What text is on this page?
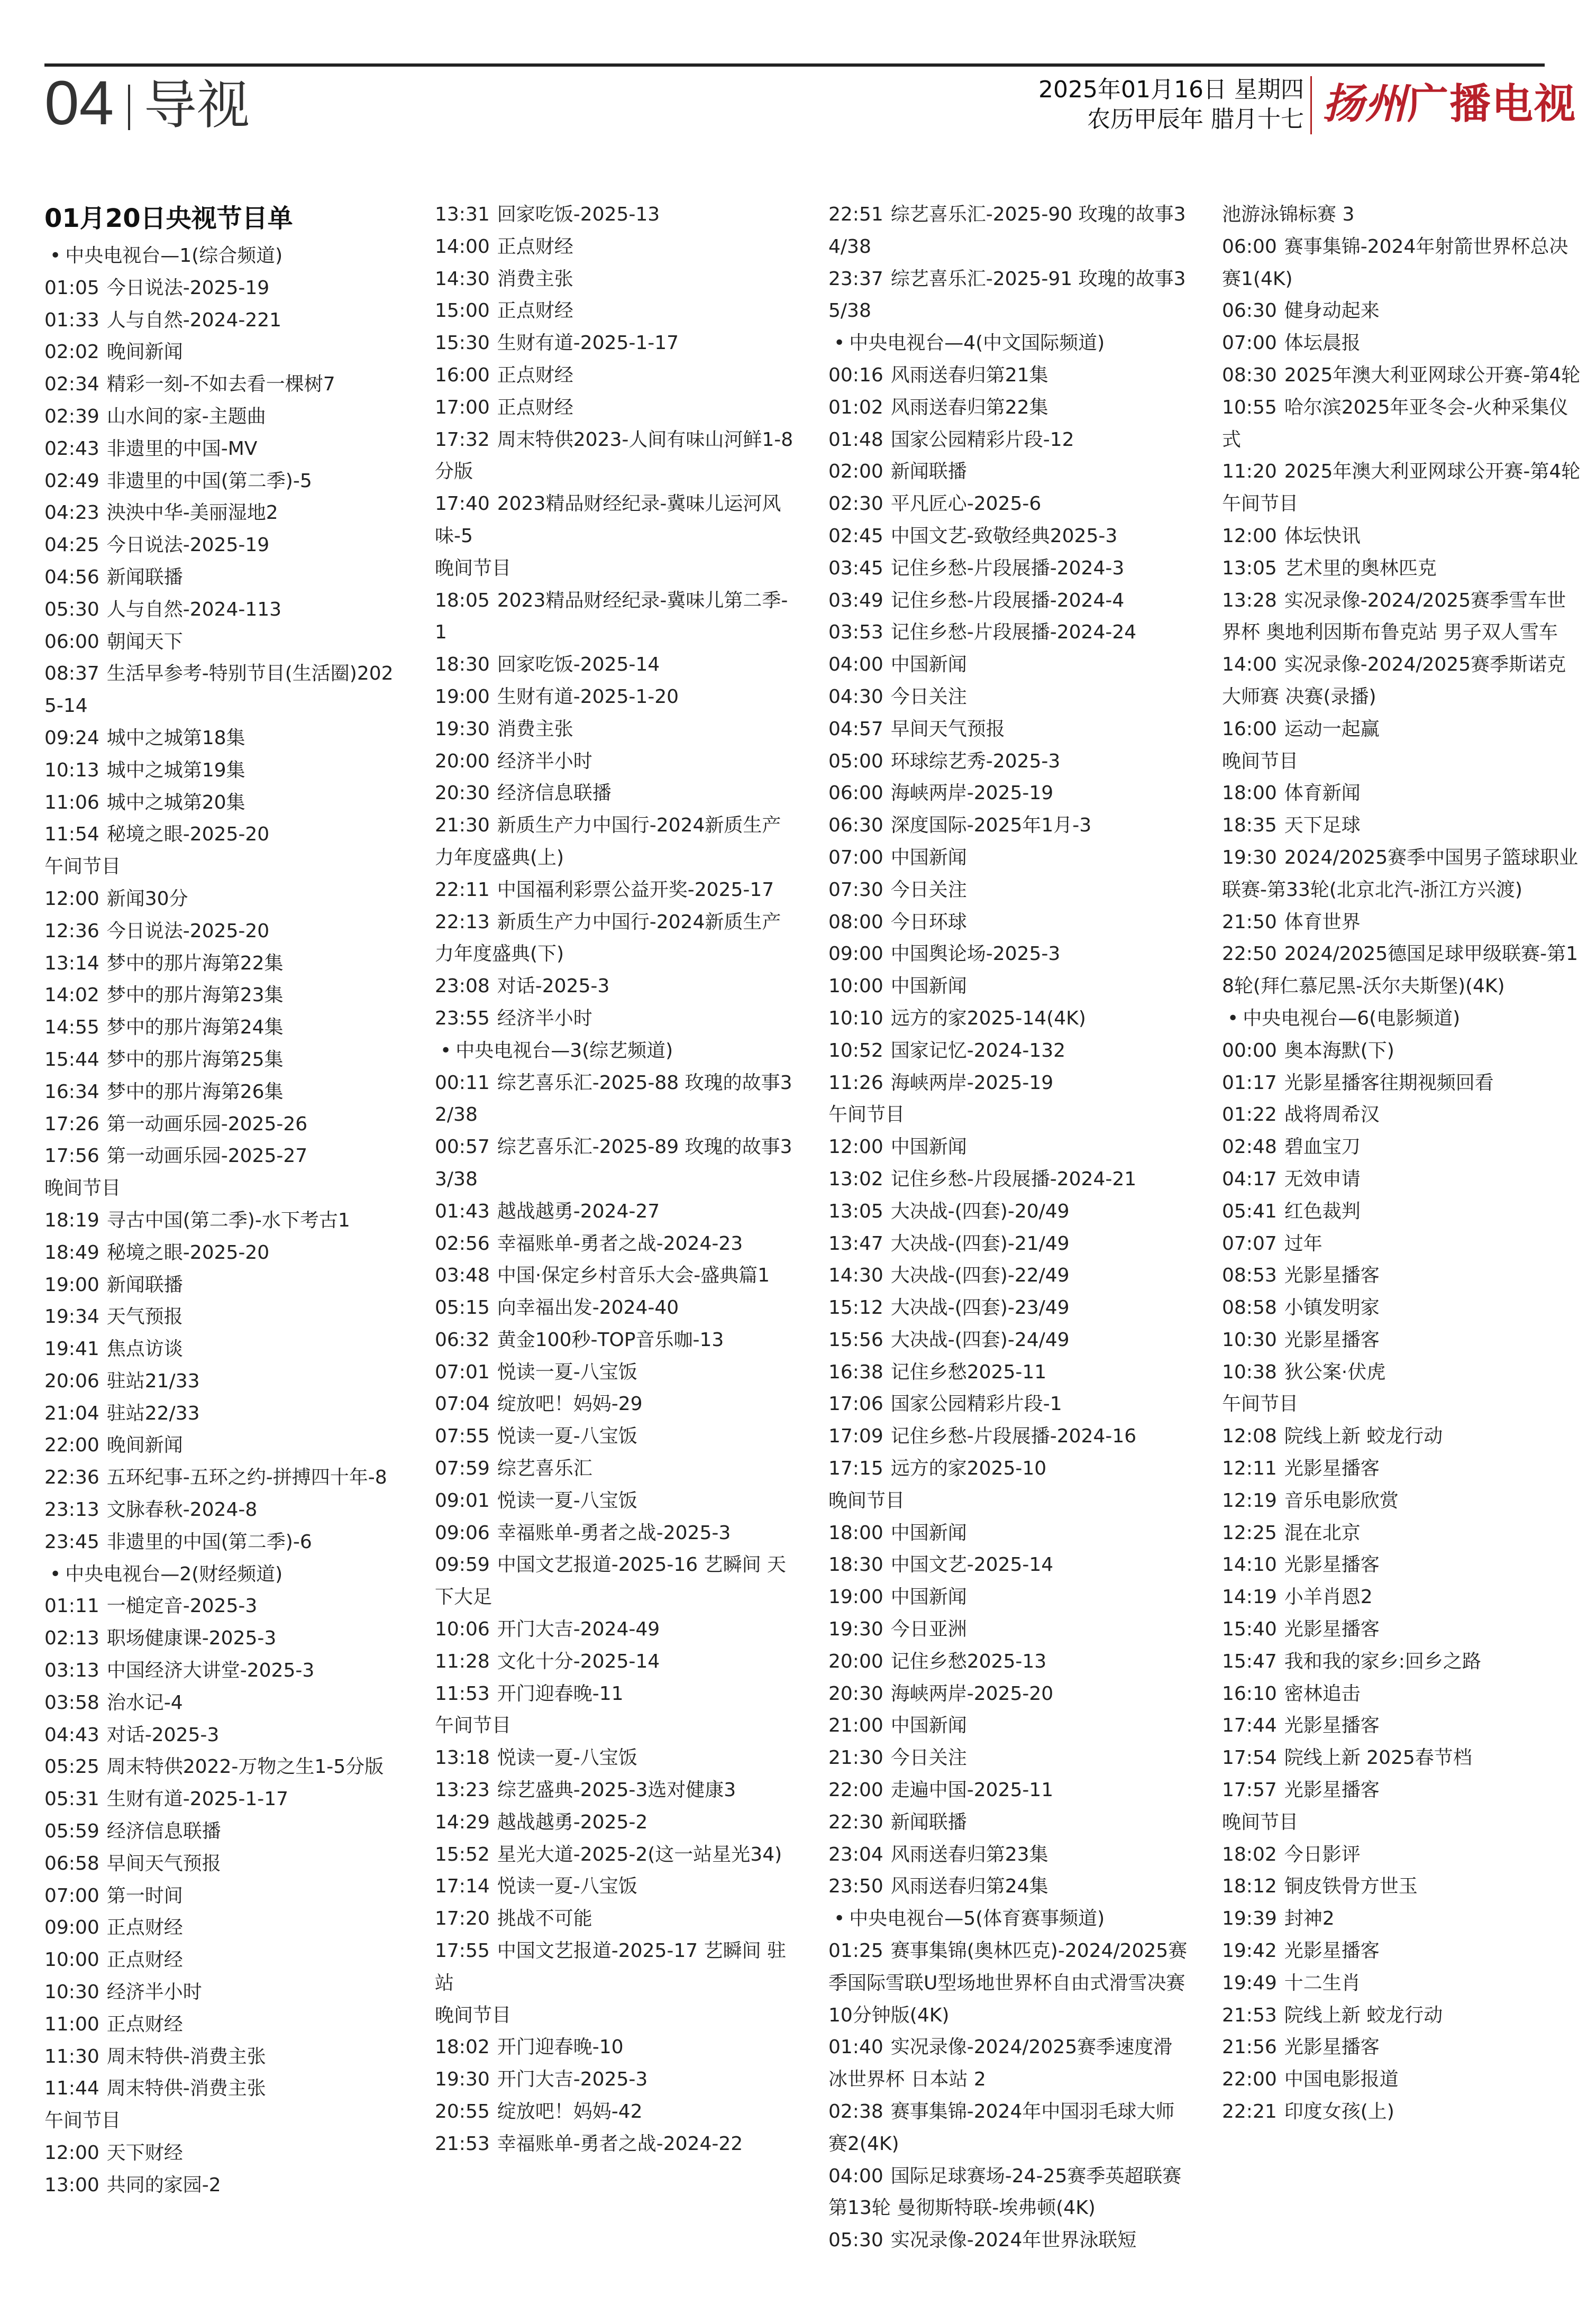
04 导视	2025年01月16日 星期四
农历甲辰年 腊月十七 扬州广播电视
01月20日央视节目单
• 中央电视台—1(综合频道)
01:05 今日说法-2025-19
01:33 人与自然-2024-221
02:02 晚间新闻
02:34 精彩一刻-不如去看一棵树7
02:39 山水间的家-主题曲
02:43 非遗里的中国-MV
02:49 非遗里的中国(第二季)-5
04:23 泱泱中华-美丽湿地2
04:25 今日说法-2025-19
04:56 新闻联播
05:30 人与自然-2024-113
06:00 朝闻天下
08:37 生活早参考-特别节目(生活圈)2025-14
09:24 城中之城第18集
10:13 城中之城第19集
11:06 城中之城第20集
11:54 秘境之眼-2025-20
午间节目
12:00 新闻30分
12:36 今日说法-2025-20
13:14 梦中的那片海第22集
14:02 梦中的那片海第23集
14:55 梦中的那片海第24集
15:44 梦中的那片海第25集
16:34 梦中的那片海第26集
17:26 第一动画乐园-2025-26
17:56 第一动画乐园-2025-27
晚间节目
18:19 寻古中国(第二季)-水下考古1
18:49 秘境之眼-2025-20
19:00 新闻联播
19:34 天气预报
19:41 焦点访谈
20:06 驻站21/33
21:04 驻站22/33
22:00 晚间新闻
22:36 五环纪事-五环之约-拼搏四十年-8
23:13 文脉春秋-2024-8
23:45 非遗里的中国(第二季)-6
• 中央电视台—2(财经频道)
01:11 一槌定音-2025-3
02:13 职场健康课-2025-3
03:13 中国经济大讲堂-2025-3
03:58 治水记-4
04:43 对话-2025-3
05:25 周末特供2022-万物之生1-5分版
05:31 生财有道-2025-1-17
05:59 经济信息联播
06:58 早间天气预报
07:00 第一时间
09:00 正点财经
10:00 正点财经
10:30 经济半小时
11:00 正点财经
11:30 周末特供-消费主张
11:44 周末特供-消费主张
午间节目
12:00 天下财经
13:00 共同的家园-2
13:31 回家吃饭-2025-13
14:00 正点财经
14:30 消费主张
15:00 正点财经
15:30 生财有道-2025-1-17
16:00 正点财经
17:00 正点财经
17:32 周末特供2023-人间有味山河鲜1-8分版
17:40 2023精品财经纪录-冀味儿运河风味-5
晚间节目
18:05 2023精品财经纪录-冀味儿第二季-1
18:30 回家吃饭-2025-14
19:00 生财有道-2025-1-20
19:30 消费主张
20:00 经济半小时
20:30 经济信息联播
21:30 新质生产力中国行-2024新质生产力年度盛典(上)
22:11 中国福利彩票公益开奖-2025-17
22:13 新质生产力中国行-2024新质生产力年度盛典(下)
23:08 对话-2025-3
23:55 经济半小时
• 中央电视台—3(综艺频道)
00:11 综艺喜乐汇-2025-88 玫瑰的故事32/38
00:57 综艺喜乐汇-2025-89 玫瑰的故事33/38
01:43 越战越勇-2024-27
02:56 幸福账单-勇者之战-2024-23
03:48 中国·保定乡村音乐大会-盛典篇1
05:15 向幸福出发-2024-40
06:32 黄金100秒-TOP音乐咖-13
07:01 悦读一夏-八宝饭
07:04 绽放吧！妈妈-29
07:55 悦读一夏-八宝饭
07:59 综艺喜乐汇
09:01 悦读一夏-八宝饭
09:06 幸福账单-勇者之战-2025-3
09:59 中国文艺报道-2025-16 艺瞬间 天下大足
10:06 开门大吉-2024-49
11:28 文化十分-2025-14
11:53 开门迎春晚-11
午间节目
13:18 悦读一夏-八宝饭
13:23 综艺盛典-2025-3选对健康3
14:29 越战越勇-2025-2
15:52 星光大道-2025-2(这一站星光34)
17:14 悦读一夏-八宝饭
17:20 挑战不可能
17:55 中国文艺报道-2025-17 艺瞬间 驻站
晚间节目
18:02 开门迎春晚-10
19:30 开门大吉-2025-3
20:55 绽放吧！妈妈-42
21:53 幸福账单-勇者之战-2024-22
22:51 综艺喜乐汇-2025-90 玫瑰的故事34/38
23:37 综艺喜乐汇-2025-91 玫瑰的故事35/38
• 中央电视台—4(中文国际频道)
00:16 风雨送春归第21集
01:02 风雨送春归第22集
01:48 国家公园精彩片段-12
02:00 新闻联播
02:30 平凡匠心-2025-6
02:45 中国文艺-致敬经典2025-3
03:45 记住乡愁-片段展播-2024-3
03:49 记住乡愁-片段展播-2024-4
03:53 记住乡愁-片段展播-2024-24
04:00 中国新闻
04:30 今日关注
04:57 早间天气预报
05:00 环球综艺秀-2025-3
06:00 海峡两岸-2025-19
06:30 深度国际-2025年1月-3
07:00 中国新闻
07:30 今日关注
08:00 今日环球
09:00 中国舆论场-2025-3
10:00 中国新闻
10:10 远方的家2025-14(4K)
10:52 国家记忆-2024-132
11:26 海峡两岸-2025-19
午间节目
12:00 中国新闻
13:02 记住乡愁-片段展播-2024-21
13:05 大决战-(四套)-20/49
13:47 大决战-(四套)-21/49
14:30 大决战-(四套)-22/49
15:12 大决战-(四套)-23/49
15:56 大决战-(四套)-24/49
16:38 记住乡愁2025-11
17:06 国家公园精彩片段-1
17:09 记住乡愁-片段展播-2024-16
17:15 远方的家2025-10
晚间节目
18:00 中国新闻
18:30 中国文艺-2025-14
19:00 中国新闻
19:30 今日亚洲
20:00 记住乡愁2025-13
20:30 海峡两岸-2025-20
21:00 中国新闻
21:30 今日关注
22:00 走遍中国-2025-11
22:30 新闻联播
23:04 风雨送春归第23集
23:50 风雨送春归第24集
• 中央电视台—5(体育赛事频道)
01:25 赛事集锦(奥林匹克)-2024/2025赛季国际雪联U型场地世界杯自由式滑雪决赛 10分钟版(4K)
01:40 实况录像-2024/2025赛季速度滑冰世界杯 日本站 2
02:38 赛事集锦-2024年中国羽毛球大师赛2(4K)
04:00 国际足球赛场-24-25赛季英超联赛第13轮 曼彻斯特联-埃弗顿(4K)
05:30 实况录像-2024年世界泳联短
池游泳锦标赛 3
06:00 赛事集锦-2024年射箭世界杯总决赛1(4K)
06:30 健身动起来
07:00 体坛晨报
08:30 2025年澳大利亚网球公开赛-第4轮
10:55 哈尔滨2025年亚冬会-火种采集仪式
11:20 2025年澳大利亚网球公开赛-第4轮
午间节目
12:00 体坛快讯
13:05 艺术里的奥林匹克
13:28 实况录像-2024/2025赛季雪车世界杯 奥地利因斯布鲁克站 男子双人雪车
14:00 实况录像-2024/2025赛季斯诺克大师赛 决赛(录播)
16:00 运动一起赢
晚间节目
18:00 体育新闻
18:35 天下足球
19:30 2024/2025赛季中国男子篮球职业联赛-第33轮(北京北汽-浙江方兴渡)
21:50 体育世界
22:50 2024/2025德国足球甲级联赛-第18轮(拜仁慕尼黑-沃尔夫斯堡)(4K)
• 中央电视台—6(电影频道)
00:00 奥本海默(下)
01:17 光影星播客往期视频回看
01:22 战将周希汉
02:48 碧血宝刀
04:17 无效申请
05:41 红色裁判
07:07 过年
08:53 光影星播客
08:58 小镇发明家
10:30 光影星播客
10:38 狄公案·伏虎
午间节目
12:08 院线上新 蛟龙行动
12:11 光影星播客
12:19 音乐电影欣赏
12:25 混在北京
14:10 光影星播客
14:19 小羊肖恩2
15:40 光影星播客
15:47 我和我的家乡:回乡之路
16:10 密林追击
17:44 光影星播客
17:54 院线上新 2025春节档
17:57 光影星播客
晚间节目
18:02 今日影评
18:12 铜皮铁骨方世玉
19:39 封神2
19:42 光影星播客
19:49 十二生肖
21:53 院线上新 蛟龙行动
21:56 光影星播客
22:00 中国电影报道
22:21 印度女孩(上)
